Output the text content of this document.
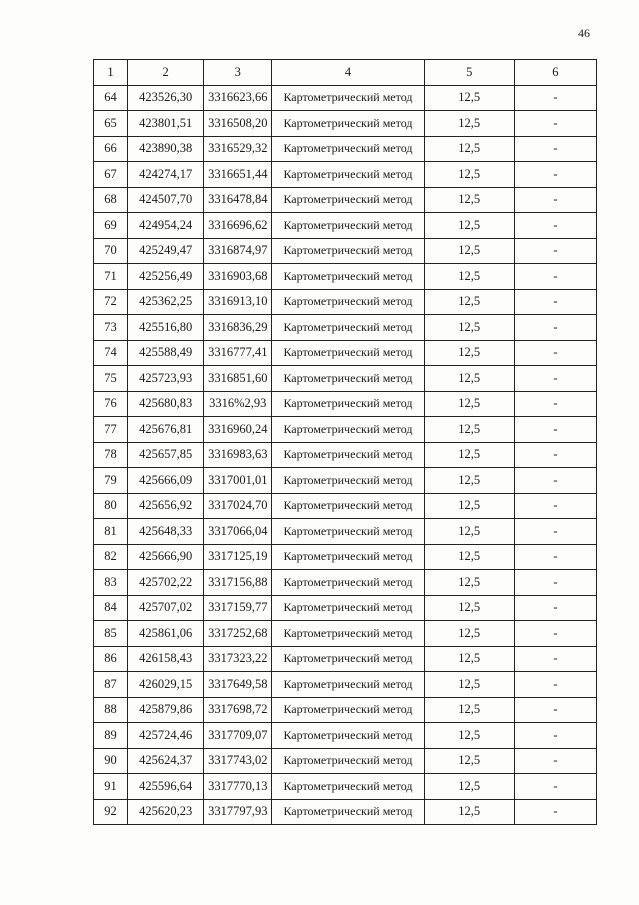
46
1	2	3	4	5	6
64	423526,30	3316623,66	Картометрический метод	12,5	-
65	423801,51	3316508,20	Картометрический метод	12,5	-
66	423890,38	3316529,32	Картометрический метод	12,5	-
67	424274,17	3316651,44	Картометрический метод	12,5	-
68	424507,70	3316478,84	Картометрический метод	12,5	-
69	424954,24	3316696,62	Картометрический метод	12,5	-
70	425249,47	3316874,97	Картометрический метод	12,5	-
71	425256,49	3316903,68	Картометрический метод	12,5	-
72	425362,25	3316913,10	Картометрический метод	12,5	-
73	425516,80	3316836,29	Картометрический метод	12,5	-
74	425588,49	3316777,41	Картометрический метод	12,5	-
75	425723,93	3316851,60	Картометрический метод	12,5	-
76	425680,83	3316%2,93	Картометрический метод	12,5	-
77	425676,81	3316960,24	Картометрический метод	12,5	-
78	425657,85	3316983,63	Картометрический метод	12,5	-
79	425666,09	3317001,01	Картометрический метод	12,5	-
80	425656,92	3317024,70	Картометрический метод	12,5	-
81	425648,33	3317066,04	Картометрический метод	12,5	-
82	425666,90	3317125,19	Картометрический метод	12,5	-
83	425702,22	3317156,88	Картометрический метод	12,5	-
84	425707,02	3317159,77	Картометрический метод	12,5	-
85	425861,06	3317252,68	Картометрический метод	12,5	-
86	426158,43	3317323,22	Картометрический метод	12,5	-
87	426029,15	3317649,58	Картометрический метод	12,5	-
88	425879,86	3317698,72	Картометрический метод	12,5	-
89	425724,46	3317709,07	Картометрический метод	12,5	-
90	425624,37	3317743,02	Картометрический метод	12,5	-
91	425596,64	3317770,13	Картометрический метод	12,5	-
92	425620,23	3317797,93	Картометрический метод	12,5	-
